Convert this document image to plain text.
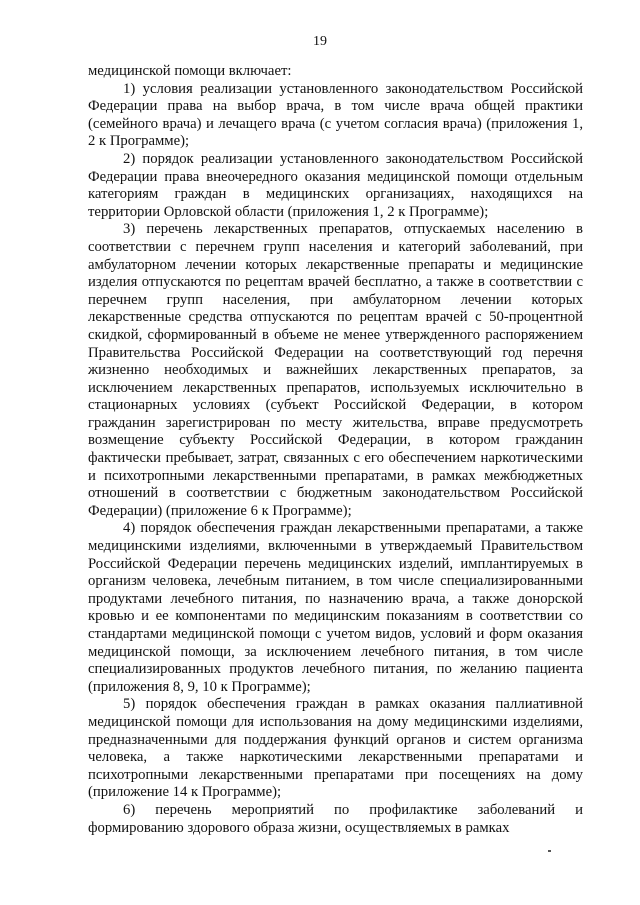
19

медицинской помощи включает:

1) условия реализации установленного законодательством Российской Федерации права на выбор врача, в том числе врача общей практики (семейного врача) и лечащего врача (с учетом согласия врача) (приложения 1, 2 к Программе);

2) порядок реализации установленного законодательством Российской Федерации права внеочередного оказания медицинской помощи отдельным категориям граждан в медицинских организациях, находящихся на территории Орловской области (приложения 1, 2 к Программе);

3) перечень лекарственных препаратов, отпускаемых населению в соответствии с перечнем групп населения и категорий заболеваний, при амбулаторном лечении которых лекарственные препараты и медицинские изделия отпускаются по рецептам врачей бесплатно, а также в соответствии с перечнем групп населения, при амбулаторном лечении которых лекарственные средства отпускаются по рецептам врачей с 50-процентной скидкой, сформированный в объеме не менее утвержденного распоряжением Правительства Российской Федерации на соответствующий год перечня жизненно необходимых и важнейших лекарственных препаратов, за исключением лекарственных препаратов, используемых исключительно в стационарных условиях (субъект Российской Федерации, в котором гражданин зарегистрирован по месту жительства, вправе предусмотреть возмещение субъекту Российской Федерации, в котором гражданин фактически пребывает, затрат, связанных с его обеспечением наркотическими и психотропными лекарственными препаратами, в рамках межбюджетных отношений в соответствии с бюджетным законодательством Российской Федерации) (приложение 6 к Программе);

4) порядок обеспечения граждан лекарственными препаратами, а также медицинскими изделиями, включенными в утверждаемый Правительством Российской Федерации перечень медицинских изделий, имплантируемых в организм человека, лечебным питанием, в том числе специализированными продуктами лечебного питания, по назначению врача, а также донорской кровью и ее компонентами по медицинским показаниям в соответствии со стандартами медицинской помощи с учетом видов, условий и форм оказания медицинской помощи, за исключением лечебного питания, в том числе специализированных продуктов лечебного питания, по желанию пациента (приложения 8, 9, 10 к Программе);

5) порядок обеспечения граждан в рамках оказания паллиативной медицинской помощи для использования на дому медицинскими изделиями, предназначенными для поддержания функций органов и систем организма человека, а также наркотическими лекарственными препаратами и психотропными лекарственными препаратами при посещениях на дому (приложение 14 к Программе);

6) перечень мероприятий по профилактике заболеваний и формированию здорового образа жизни, осуществляемых в рамках
